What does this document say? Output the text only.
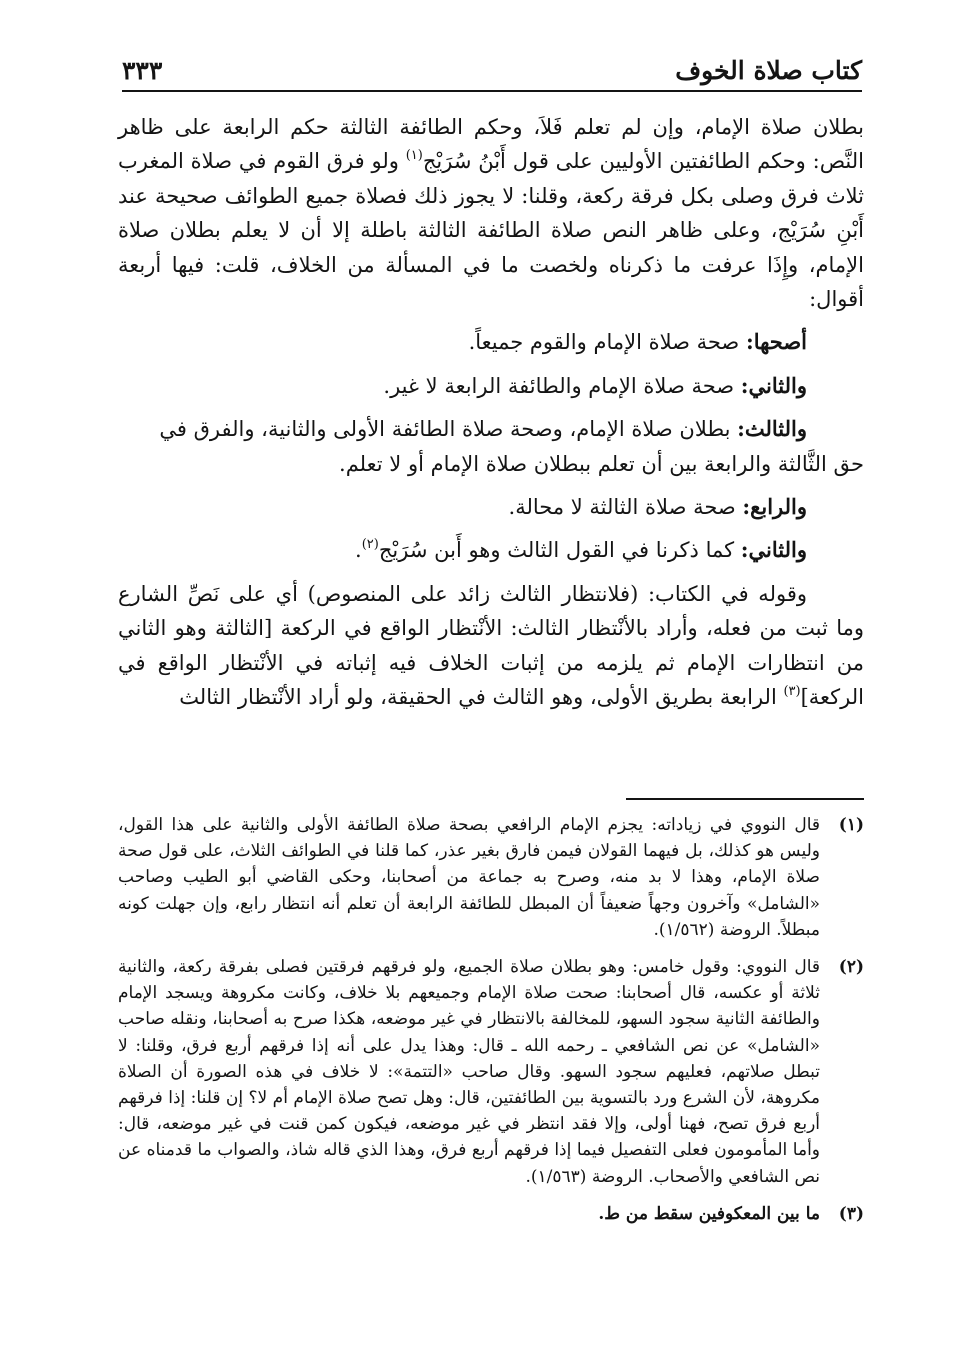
كتاب صلاة الخوف
٣٣٣

بطلان صلاة الإمام، وإن لم تعلم فَلاَ، وحكم الطائفة الثالثة حكم الرابعة على ظاهر النَّص: وحكم الطائفتين الأوليين على قول أَبْنُ سُرَيْج$^{(١)}$ ولو فرق القوم في صلاة المغرب ثلاث فرق وصلى بكل فرقة ركعة، وقلنا: لا يجوز ذلك فصلاة جميع الطوائف صحيحة عند أَبْنِ سُرَيْج، وعلى ظاهر النص صلاة الطائفة الثالثة باطلة إلا أن لا يعلم بطلان صلاة الإمام، وإِذَا عرفت ما ذكرناه ولخصت ما في المسألة من الخلاف، قلت: فيها أربعة أقوال:

أصحها: صحة صلاة الإمام والقوم جميعاً.

والثاني: صحة صلاة الإمام والطائفة الرابعة لا غير.

والثالث: بطلان صلاة الإمام، وصحة صلاة الطائفة الأولى والثانية، والفرق في

حق الثَّالثة والرابعة بين أن تعلم ببطلان صلاة الإمام أو لا تعلم.

والرابع: صحة صلاة الثالثة لا محالة.

والثاني: كما ذكرنا في القول الثالث وهو أَبن سُرَيْج$^{(٢)}$.

وقوله في الكتاب: (فلانتظار الثالث زائد على المنصوص) أي على نَصِّ الشارع وما ثبت من فعله، وأراد بالأنْتظار الثالث: الأنْتظار الواقع في الركعة [الثالثة وهو الثاني من انتظارات الإمام ثم يلزمه من إثبات الخلاف فيه إثباته في الأنْتظار الواقع في الركعة]$^{(٣)}$ الرابعة بطريق الأولى، وهو الثالث في الحقيقة، ولو أراد الأنْتظار الثالث

(١)
قال النووي في زياداته: يجزم الإمام الرافعي بصحة صلاة الطائفة الأولى والثانية على هذا القول، وليس هو كذلك، بل فيهما القولان فيمن فارق بغير عذر، كما قلنا في الطوائف الثلاث، على قول صحة صلاة الإمام، وهذا لا بد منه، وصرح به جماعة من أصحابنا، وحكى القاضي أبو الطيب وصاحب «الشامل» وآخرون وجهاً ضعيفاً أن المبطل للطائفة الرابعة أن تعلم أنه انتظار رابع، وإن جهلت كونه مبطلاً. الروضة (١/٥٦٢).
(٢)
قال النووي: وقول خامس: وهو بطلان صلاة الجميع، ولو فرقهم فرقتين فصلى بفرقة ركعة، والثانية ثلاثة أو عكسه، قال أصحابنا: صحت صلاة الإمام وجميعهم بلا خلاف، وكانت مكروهة ويسجد الإمام والطائفة الثانية سجود السهو، للمخالفة بالانتظار في غير موضعه، هكذا صرح به أصحابنا، ونقله صاحب «الشامل» عن نص الشافعي ـ رحمه الله ـ قال: وهذا يدل على أنه إذا فرقهم أربع فرق، وقلنا: لا تبطل صلاتهم، فعليهم سجود السهو. وقال صاحب «التتمة»: لا خلاف في هذه الصورة أن الصلاة مكروهة، لأن الشرع ورد بالتسوية بين الطائفتين، قال: وهل تصح صلاة الإمام أم لا؟ إن قلنا: إذا فرقهم أربع فرق تصح، فهنا أولى، وإلا فقد انتظر في غير موضعه، فيكون كمن قنت في غير موضعه، قال: وأما المأمومون فعلى التفصيل فيما إذا فرقهم أربع فرق، وهذا الذي قاله شاذ، والصواب ما قدمناه عن نص الشافعي والأصحاب. الروضة (١/٥٦٣).
(٣)
ما بين المعكوفين سقط من ط.
